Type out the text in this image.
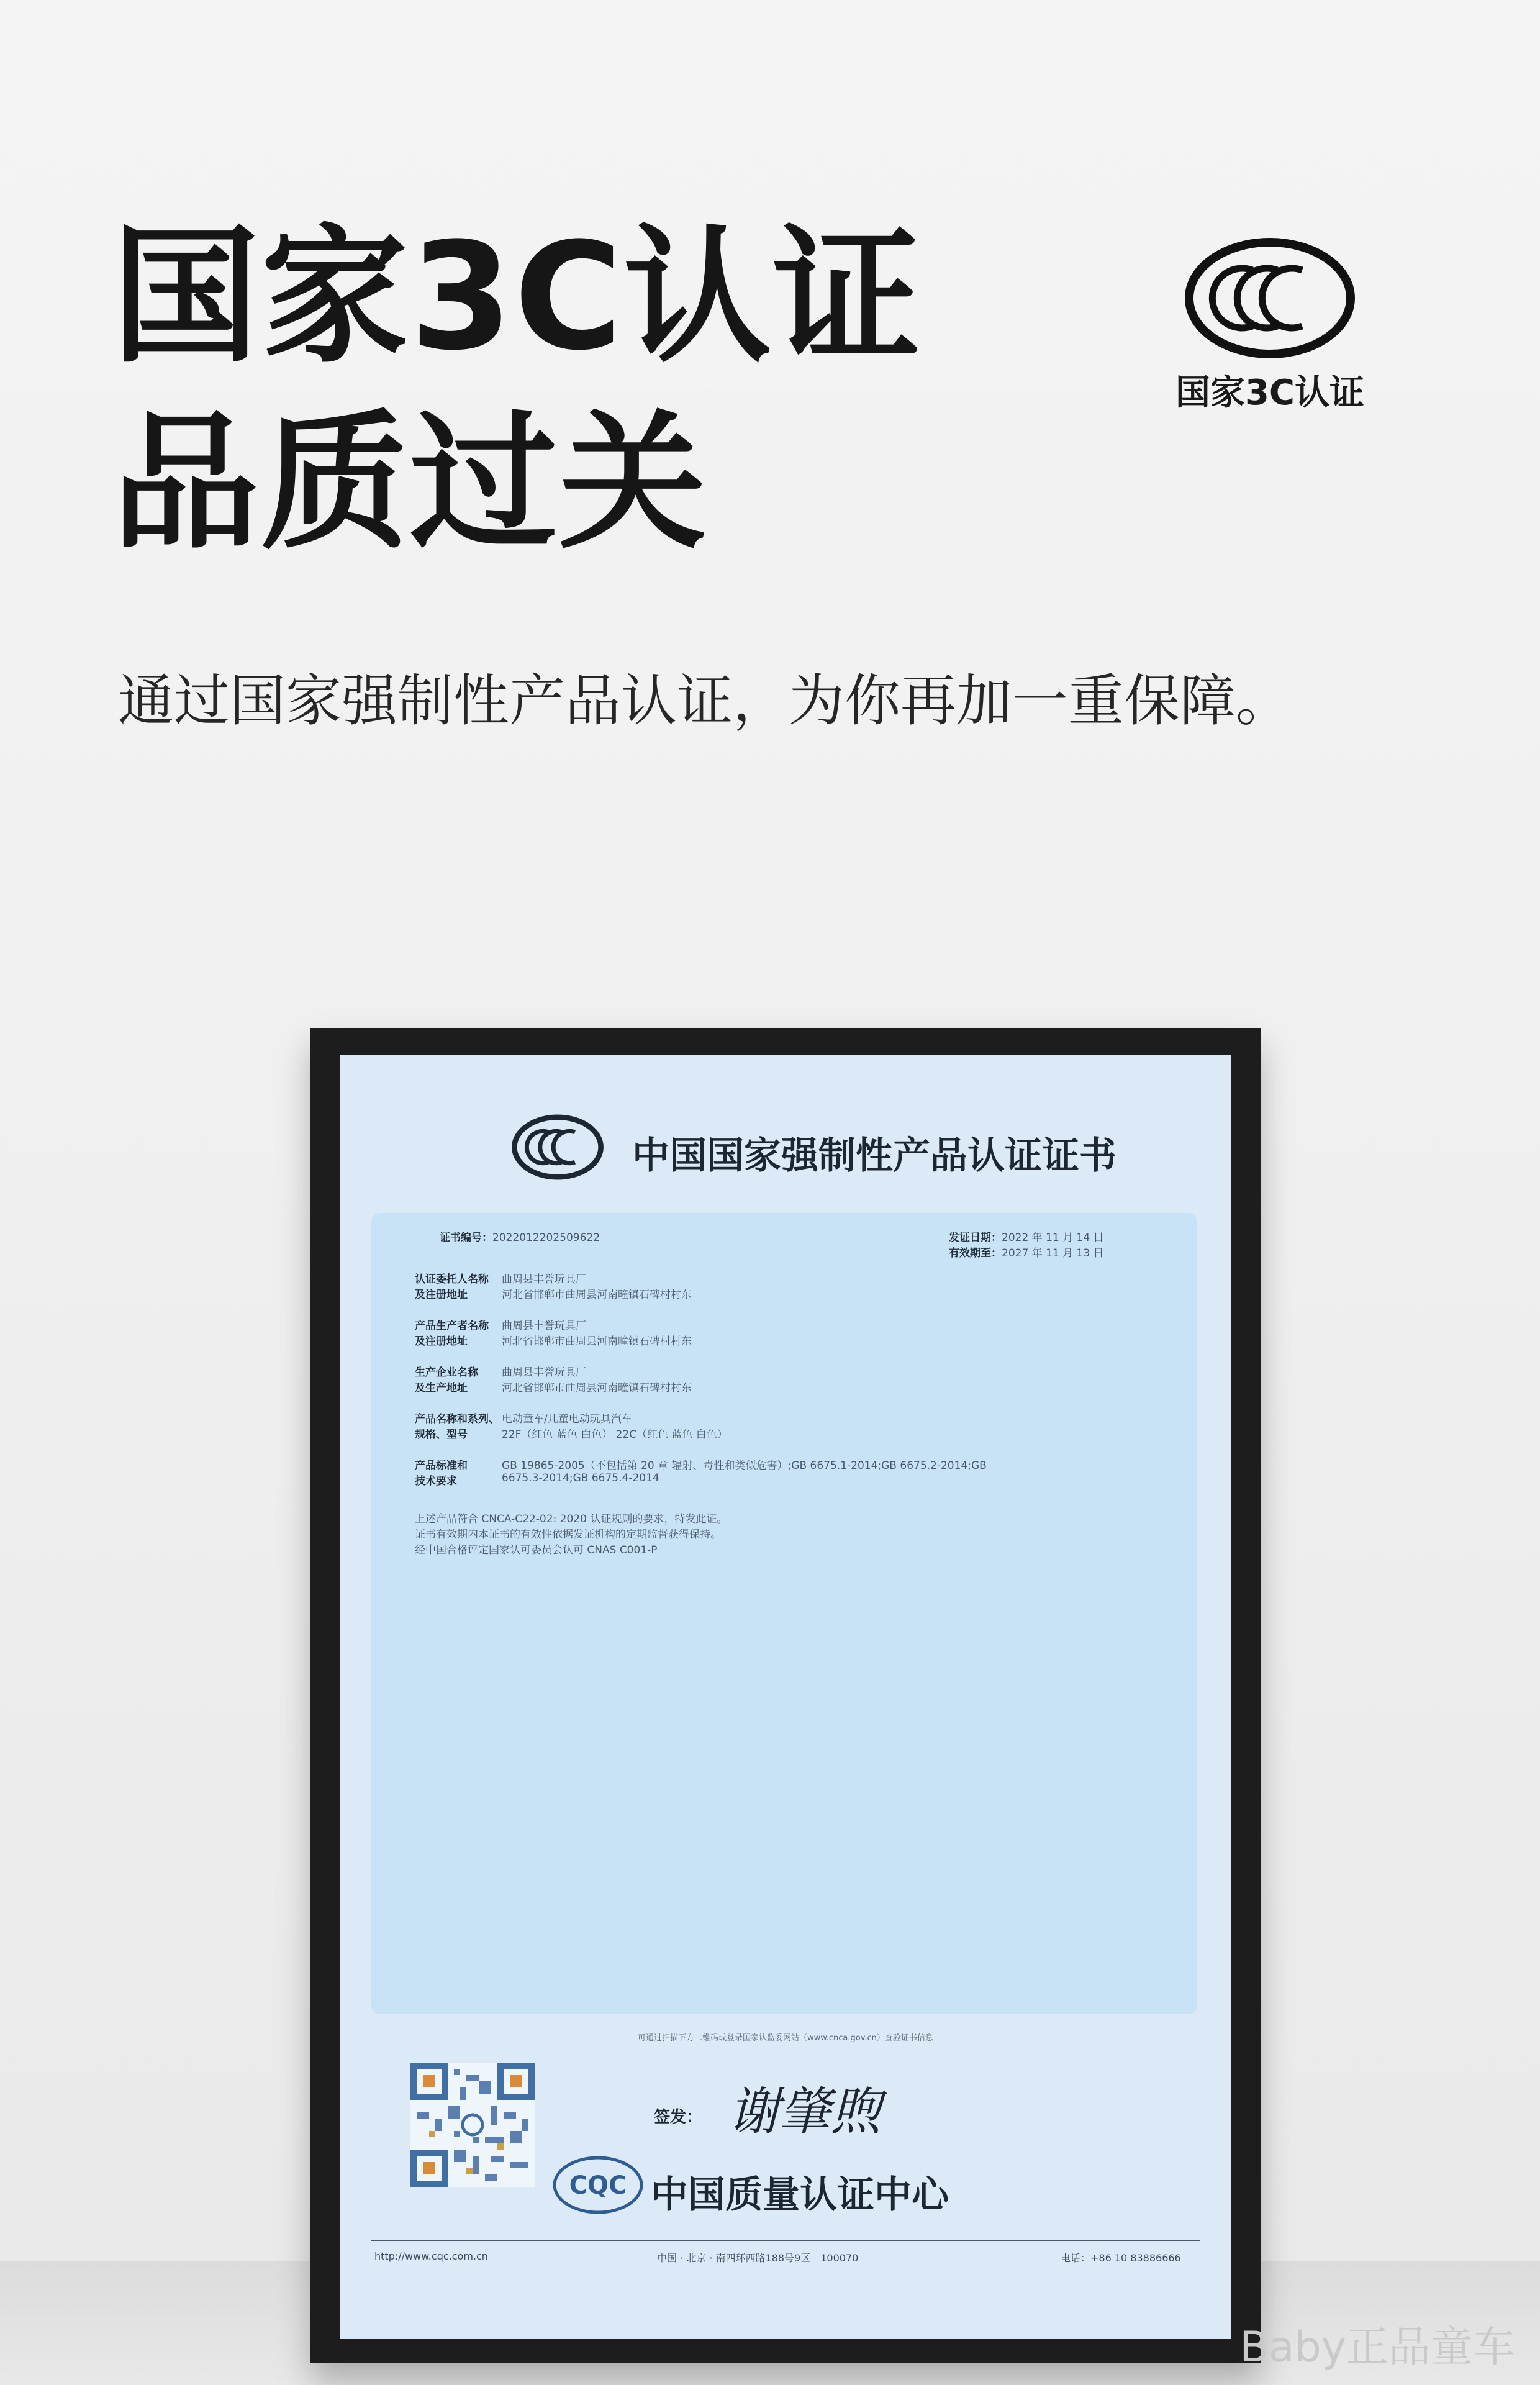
国家3C认证
品质过关
通过国家强制性产品认证，为你再加一重保障。
国家3C认证
中国国家强制性产品认证证书
证书编号：2022012202509622	发证日期：2022 年 11 月 14 日
有效期至：2027 年 11 月 13 日
认证委托人名称 曲周县丰誉玩具厂
及注册地址	河北省邯郸市曲周县河南疃镇石碑村村东
产品生产者名称 曲周县丰誉玩具厂
及注册地址	河北省邯郸市曲周县河南疃镇石碑村村东
生产企业名称 曲周县丰誉玩具厂
及生产地址	河北省邯郸市曲周县河南疃镇石碑村村东
产品名称和系列、 电动童车/儿童电动玩具汽车
规格、型号	22F（红色 蓝色 白色） 22C（红色 蓝色 白色）
产品标准和	GB 19865-2005（不包括第 20 章 辐射、毒性和类似危害）;GB 6675.1-2014;GB 6675.2-2014;GB
技术要求	6675.3-2014;GB 6675.4-2014
上述产品符合 CNCA-C22-02: 2020 认证规则的要求，特发此证。
证书有效期内本证书的有效性依据发证机构的定期监督获得保持。
经中国合格评定国家认可委员会认可 CNAS C001-P
可通过扫描下方二维码或登录国家认监委网站（www.cnca.gov.cn）查验证书信息
签发： 谢肇煦
CQC 中国质量认证中心
http://www.cqc.com.cn	中国 · 北京 · 南四环西路188号9区　100070	电话：+86 10 83886666
Baby正品童车
